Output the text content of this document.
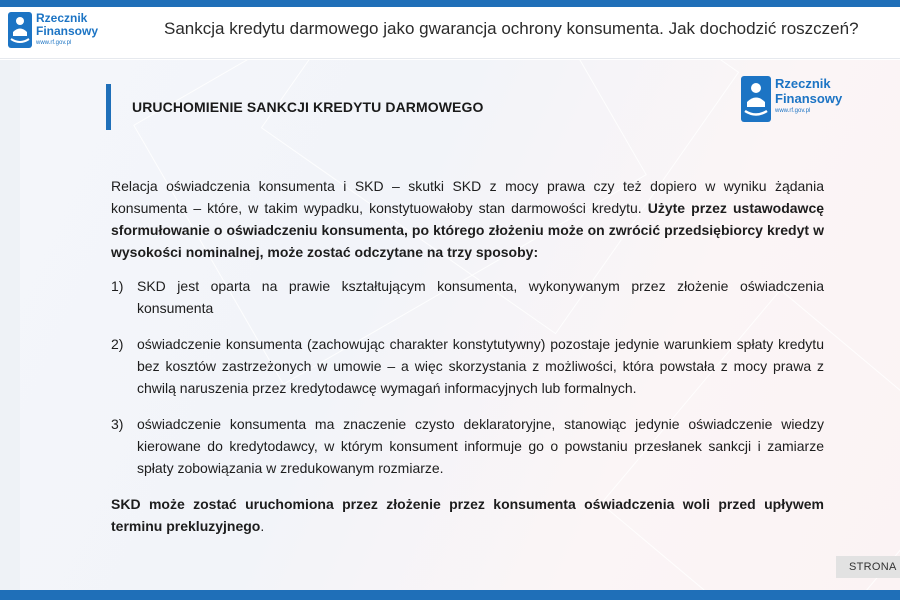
Rzecznik
Finansowy
www.rf.gov.pl
Sankcja kredytu darmowego jako gwarancja ochrony konsumenta. Jak dochodzić roszczeń?
URUCHOMIENIE SANKCJI KREDYTU DARMOWEGO
Rzecznik
Finansowy
www.rf.gov.pl

Relacja oświadczenia konsumenta i SKD – skutki SKD z mocy prawa czy też dopiero w wyniku żądania konsumenta – które, w takim wypadku, konstytuowałoby stan darmowości kredytu. Użyte przez ustawodawcę sformułowanie o oświadczeniu konsumenta, po którego złożeniu może on zwrócić przedsiębiorcy kredyt w wysokości nominalnej, może zostać odczytane na trzy sposoby:

1) SKD jest oparta na prawie kształtującym konsumenta, wykonywanym przez złożenie oświadczenia konsumenta
2) oświadczenie konsumenta (zachowując charakter konstytutywny) pozostaje jedynie warunkiem spłaty kredytu bez kosztów zastrzeżonych w umowie – a więc skorzystania z możliwości, która powstała z mocy prawa z chwilą naruszenia przez kredytodawcę wymagań informacyjnych lub formalnych.
3) oświadczenie konsumenta ma znaczenie czysto deklaratoryjne, stanowiąc jedynie oświadczenie wiedzy kierowane do kredytodawcy, w którym konsument informuje go o powstaniu przesłanek sankcji i zamiarze spłaty zobowiązania w zredukowanym rozmiarze.

SKD może zostać uruchomiona przez złożenie przez konsumenta oświadczenia woli przed upływem terminu prekluzyjnego.

STRONA
